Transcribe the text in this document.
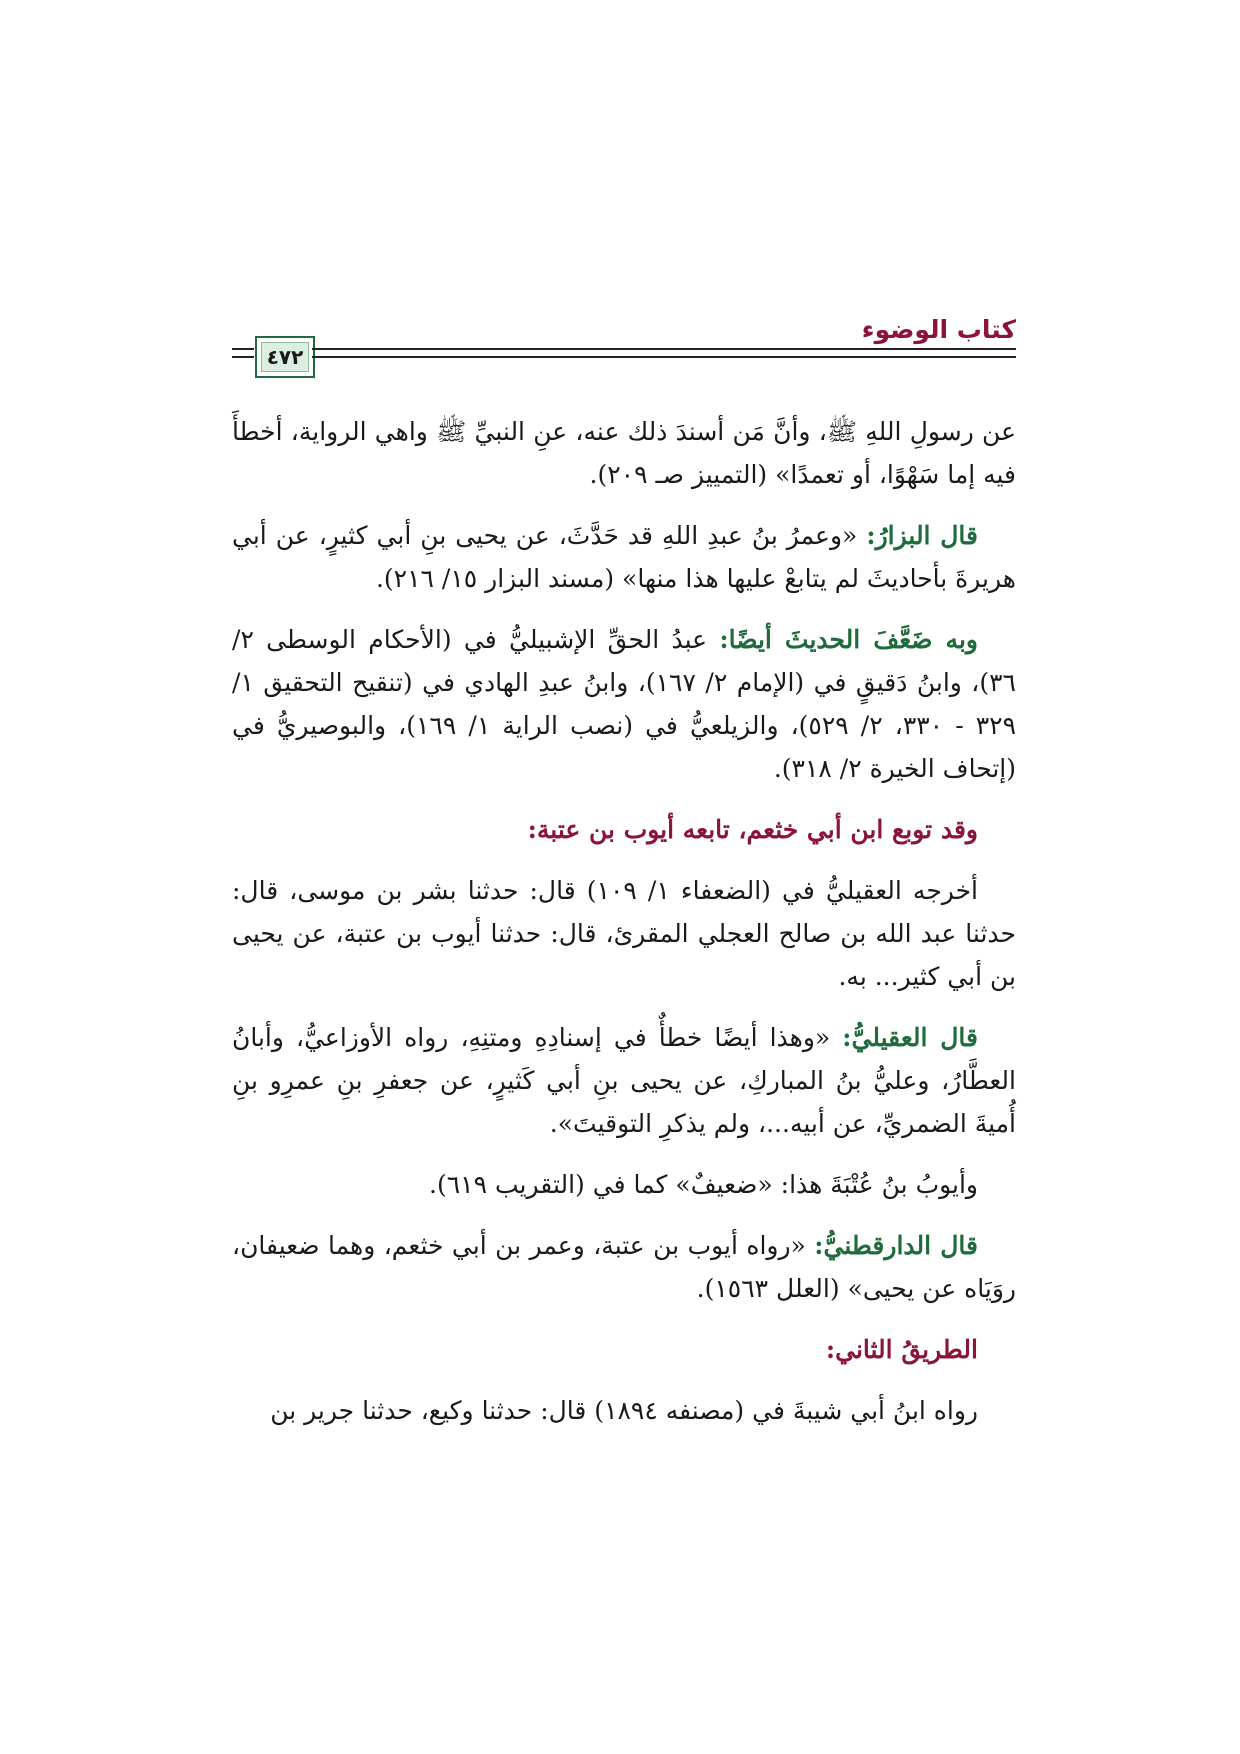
كتاب الوضوء
٤٧٢

عن رسولِ اللهِ ﷺ، وأنَّ مَن أسندَ ذلك عنه، عنِ النبيِّ ﷺ واهي الرواية، أخطأَ فيه إما سَهْوًا، أو تعمدًا» (التمييز صـ ٢٠٩).

قال البزارُ: «وعمرُ بنُ عبدِ اللهِ قد حَدَّثَ، عن يحيى بنِ أبي كثيرٍ، عن أبي هريرةَ بأحاديثَ لم يتابعْ عليها هذا منها» (مسند البزار ١٥/ ٢١٦).

وبه ضَعَّفَ الحديثَ أيضًا: عبدُ الحقِّ الإشبيليُّ في (الأحكام الوسطى ٢/ ٣٦)، وابنُ دَقيقٍ في (الإمام ٢/ ١٦٧)، وابنُ عبدِ الهادي في (تنقيح التحقيق ١/ ٣٢٩ - ٣٣٠، ٢/ ٥٢٩)، والزيلعيُّ في (نصب الراية ١/ ١٦٩)، والبوصيريُّ في (إتحاف الخيرة ٢/ ٣١٨).

وقد توبع ابن أبي خثعم، تابعه أيوب بن عتبة:

أخرجه العقيليُّ في (الضعفاء ١/ ١٠٩) قال: حدثنا بشر بن موسى، قال: حدثنا عبد الله بن صالح العجلي المقرئ، قال: حدثنا أيوب بن عتبة، عن يحيى بن أبي كثير... به.

قال العقيليُّ: «وهذا أيضًا خطأٌ في إسنادِهِ ومتنِهِ، رواه الأوزاعيُّ، وأبانُ العطَّارُ، وعليُّ بنُ المباركِ، عن يحيى بنِ أبي كَثيرٍ، عن جعفرِ بنِ عمرِو بنِ أُميةَ الضمريِّ، عن أبيه...، ولم يذكرِ التوقيتَ».

وأيوبُ بنُ عُتْبَةَ هذا: «ضعيفٌ» كما في (التقريب ٦١٩).

قال الدارقطنيُّ: «رواه أيوب بن عتبة، وعمر بن أبي خثعم، وهما ضعيفان، روَيَاه عن يحيى» (العلل ١٥٦٣).

الطريقُ الثاني:

رواه ابنُ أبي شيبةَ في (مصنفه ١٨٩٤) قال: حدثنا وكيع، حدثنا جرير بن
